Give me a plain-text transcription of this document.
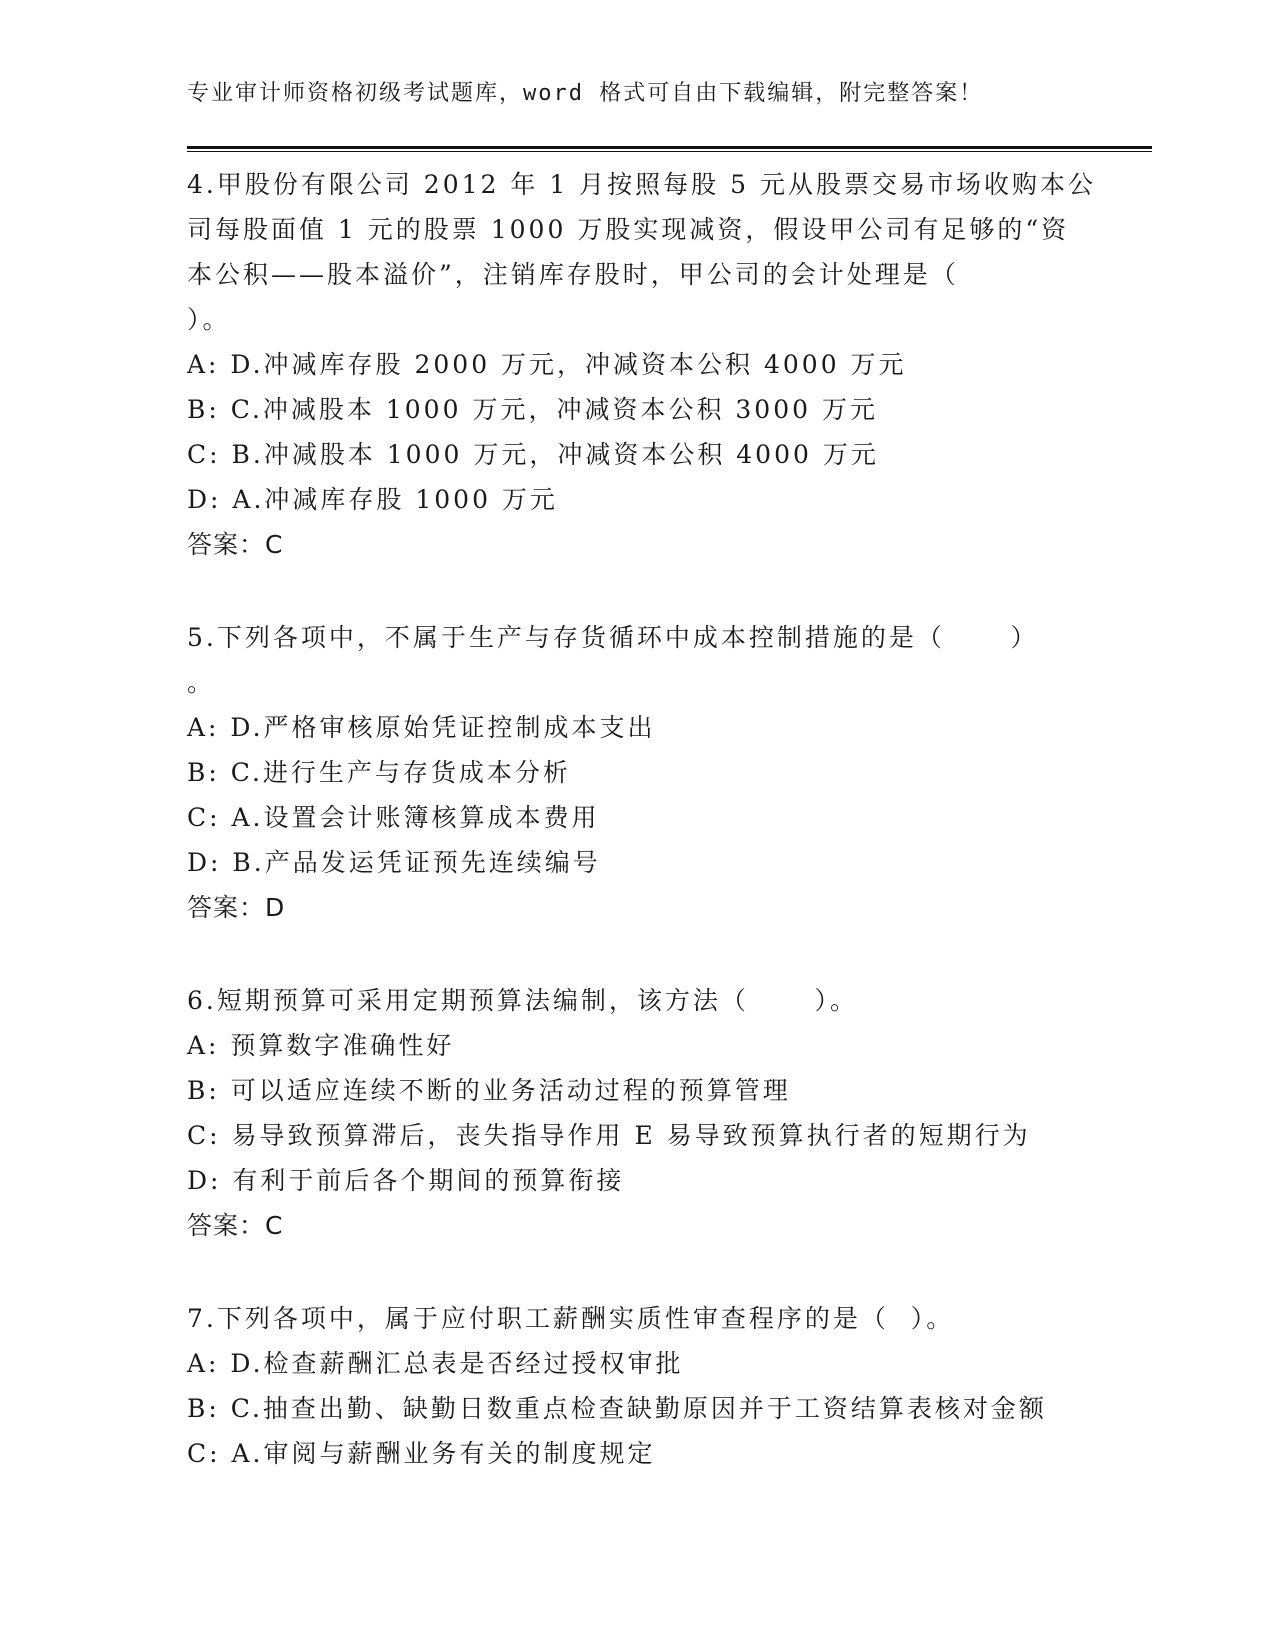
专业审计师资格初级考试题库，word 格式可自由下载编辑，附完整答案！
4.甲股份有限公司 2012 年 1 月按照每股 5 元从股票交易市场收购本公
司每股面值 1 元的股票 1000 万股实现减资，假设甲公司有足够的“资
本公积——股本溢价”，注销库存股时，甲公司的会计处理是（
）。
A: D.冲减库存股 2000 万元，冲减资本公积 4000 万元
B: C.冲减股本 1000 万元，冲减资本公积 3000 万元
C: B.冲减股本 1000 万元，冲减资本公积 4000 万元
D: A.冲减库存股 1000 万元
答案：C
5.下列各项中，不属于生产与存货循环中成本控制措施的是（      ）
。
A: D.严格审核原始凭证控制成本支出
B: C.进行生产与存货成本分析
C: A.设置会计账簿核算成本费用
D: B.产品发运凭证预先连续编号
答案：D
6.短期预算可采用定期预算法编制，该方法（      ）。
A: 预算数字准确性好
B: 可以适应连续不断的业务活动过程的预算管理
C: 易导致预算滞后，丧失指导作用 E 易导致预算执行者的短期行为
D: 有利于前后各个期间的预算衔接
答案：C
7.下列各项中，属于应付职工薪酬实质性审查程序的是（  ）。
A: D.检查薪酬汇总表是否经过授权审批
B: C.抽查出勤、缺勤日数重点检查缺勤原因并于工资结算表核对金额
C: A.审阅与薪酬业务有关的制度规定
